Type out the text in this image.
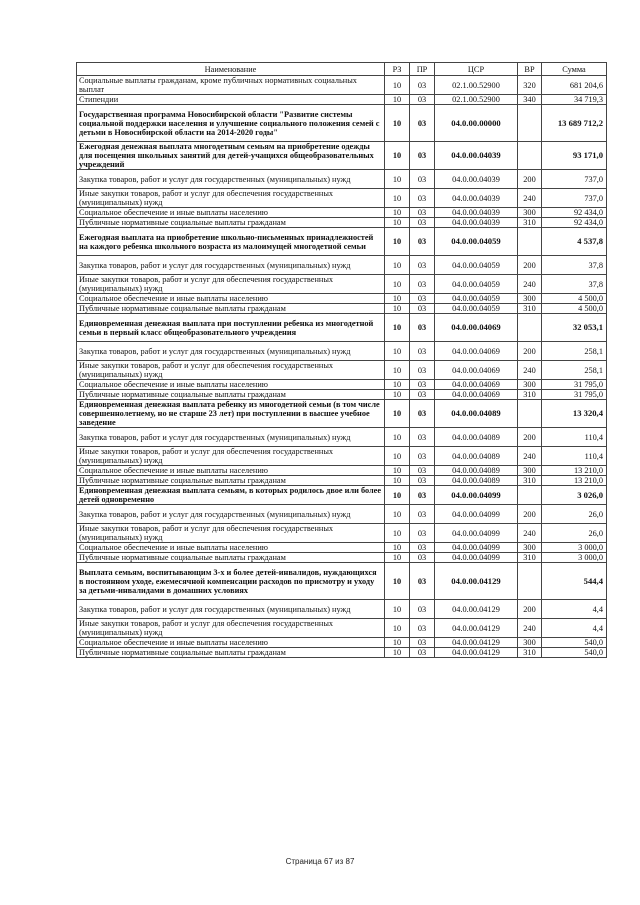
Наименование	РЗ	ПР	ЦСР	ВР	Сумма
Социальные выплаты гражданам, кроме публичных нормативных социальных выплат	10	03	02.1.00.52900	320	681 204,6
Стипендии	10	03	02.1.00.52900	340	34 719,3
Государственная программа Новосибирской области "Развитие системы социальной поддержки населения и улучшение социального положения семей с детьми в Новосибирской области на 2014-2020 годы"	10	03	04.0.00.00000		13 689 712,2
Ежегодная денежная выплата многодетным семьям на приобретение одежды для посещения школьных занятий для детей-учащихся общеобразовательных учреждений	10	03	04.0.00.04039		93 171,0
Закупка товаров, работ и услуг для государственных (муниципальных) нужд	10	03	04.0.00.04039	200	737,0
Иные закупки товаров, работ и услуг для обеспечения государственных (муниципальных) нужд	10	03	04.0.00.04039	240	737,0
Социальное обеспечение и иные выплаты населению	10	03	04.0.00.04039	300	92 434,0
Публичные нормативные социальные выплаты гражданам	10	03	04.0.00.04039	310	92 434,0
Ежегодная выплата на приобретение школьно-письменных принадлежностей на каждого ребенка школьного возраста из малоимущей многодетной семьи	10	03	04.0.00.04059		4 537,8
Закупка товаров, работ и услуг для государственных (муниципальных) нужд	10	03	04.0.00.04059	200	37,8
Иные закупки товаров, работ и услуг для обеспечения государственных (муниципальных) нужд	10	03	04.0.00.04059	240	37,8
Социальное обеспечение и иные выплаты населению	10	03	04.0.00.04059	300	4 500,0
Публичные нормативные социальные выплаты гражданам	10	03	04.0.00.04059	310	4 500,0
Единовременная денежная выплата при поступлении ребенка из многодетной семьи в первый класс общеобразовательного учреждения	10	03	04.0.00.04069		32 053,1
Закупка товаров, работ и услуг для государственных (муниципальных) нужд	10	03	04.0.00.04069	200	258,1
Иные закупки товаров, работ и услуг для обеспечения государственных (муниципальных) нужд	10	03	04.0.00.04069	240	258,1
Социальное обеспечение и иные выплаты населению	10	03	04.0.00.04069	300	31 795,0
Публичные нормативные социальные выплаты гражданам	10	03	04.0.00.04069	310	31 795,0
Единовременная денежная выплата ребенку из многодетной семьи (в том числе совершеннолетнему, но не старше 23 лет) при поступлении в высшее учебное заведение	10	03	04.0.00.04089		13 320,4
Закупка товаров, работ и услуг для государственных (муниципальных) нужд	10	03	04.0.00.04089	200	110,4
Иные закупки товаров, работ и услуг для обеспечения государственных (муниципальных) нужд	10	03	04.0.00.04089	240	110,4
Социальное обеспечение и иные выплаты населению	10	03	04.0.00.04089	300	13 210,0
Публичные нормативные социальные выплаты гражданам	10	03	04.0.00.04089	310	13 210,0
Единовременная денежная выплата семьям, в которых родилось двое или более детей одновременно	10	03	04.0.00.04099		3 026,0
Закупка товаров, работ и услуг для государственных (муниципальных) нужд	10	03	04.0.00.04099	200	26,0
Иные закупки товаров, работ и услуг для обеспечения государственных (муниципальных) нужд	10	03	04.0.00.04099	240	26,0
Социальное обеспечение и иные выплаты населению	10	03	04.0.00.04099	300	3 000,0
Публичные нормативные социальные выплаты гражданам	10	03	04.0.00.04099	310	3 000,0
Выплата семьям, воспитывающим 3-х и более детей-инвалидов, нуждающихся в постоянном уходе, ежемесячной компенсации расходов по присмотру и уходу за детьми-инвалидами в домашних условиях	10	03	04.0.00.04129		544,4
Закупка товаров, работ и услуг для государственных (муниципальных) нужд	10	03	04.0.00.04129	200	4,4
Иные закупки товаров, работ и услуг для обеспечения государственных (муниципальных) нужд	10	03	04.0.00.04129	240	4,4
Социальное обеспечение и иные выплаты населению	10	03	04.0.00.04129	300	540,0
Публичные нормативные социальные выплаты гражданам	10	03	04.0.00.04129	310	540,0
Страница 67 из 87
